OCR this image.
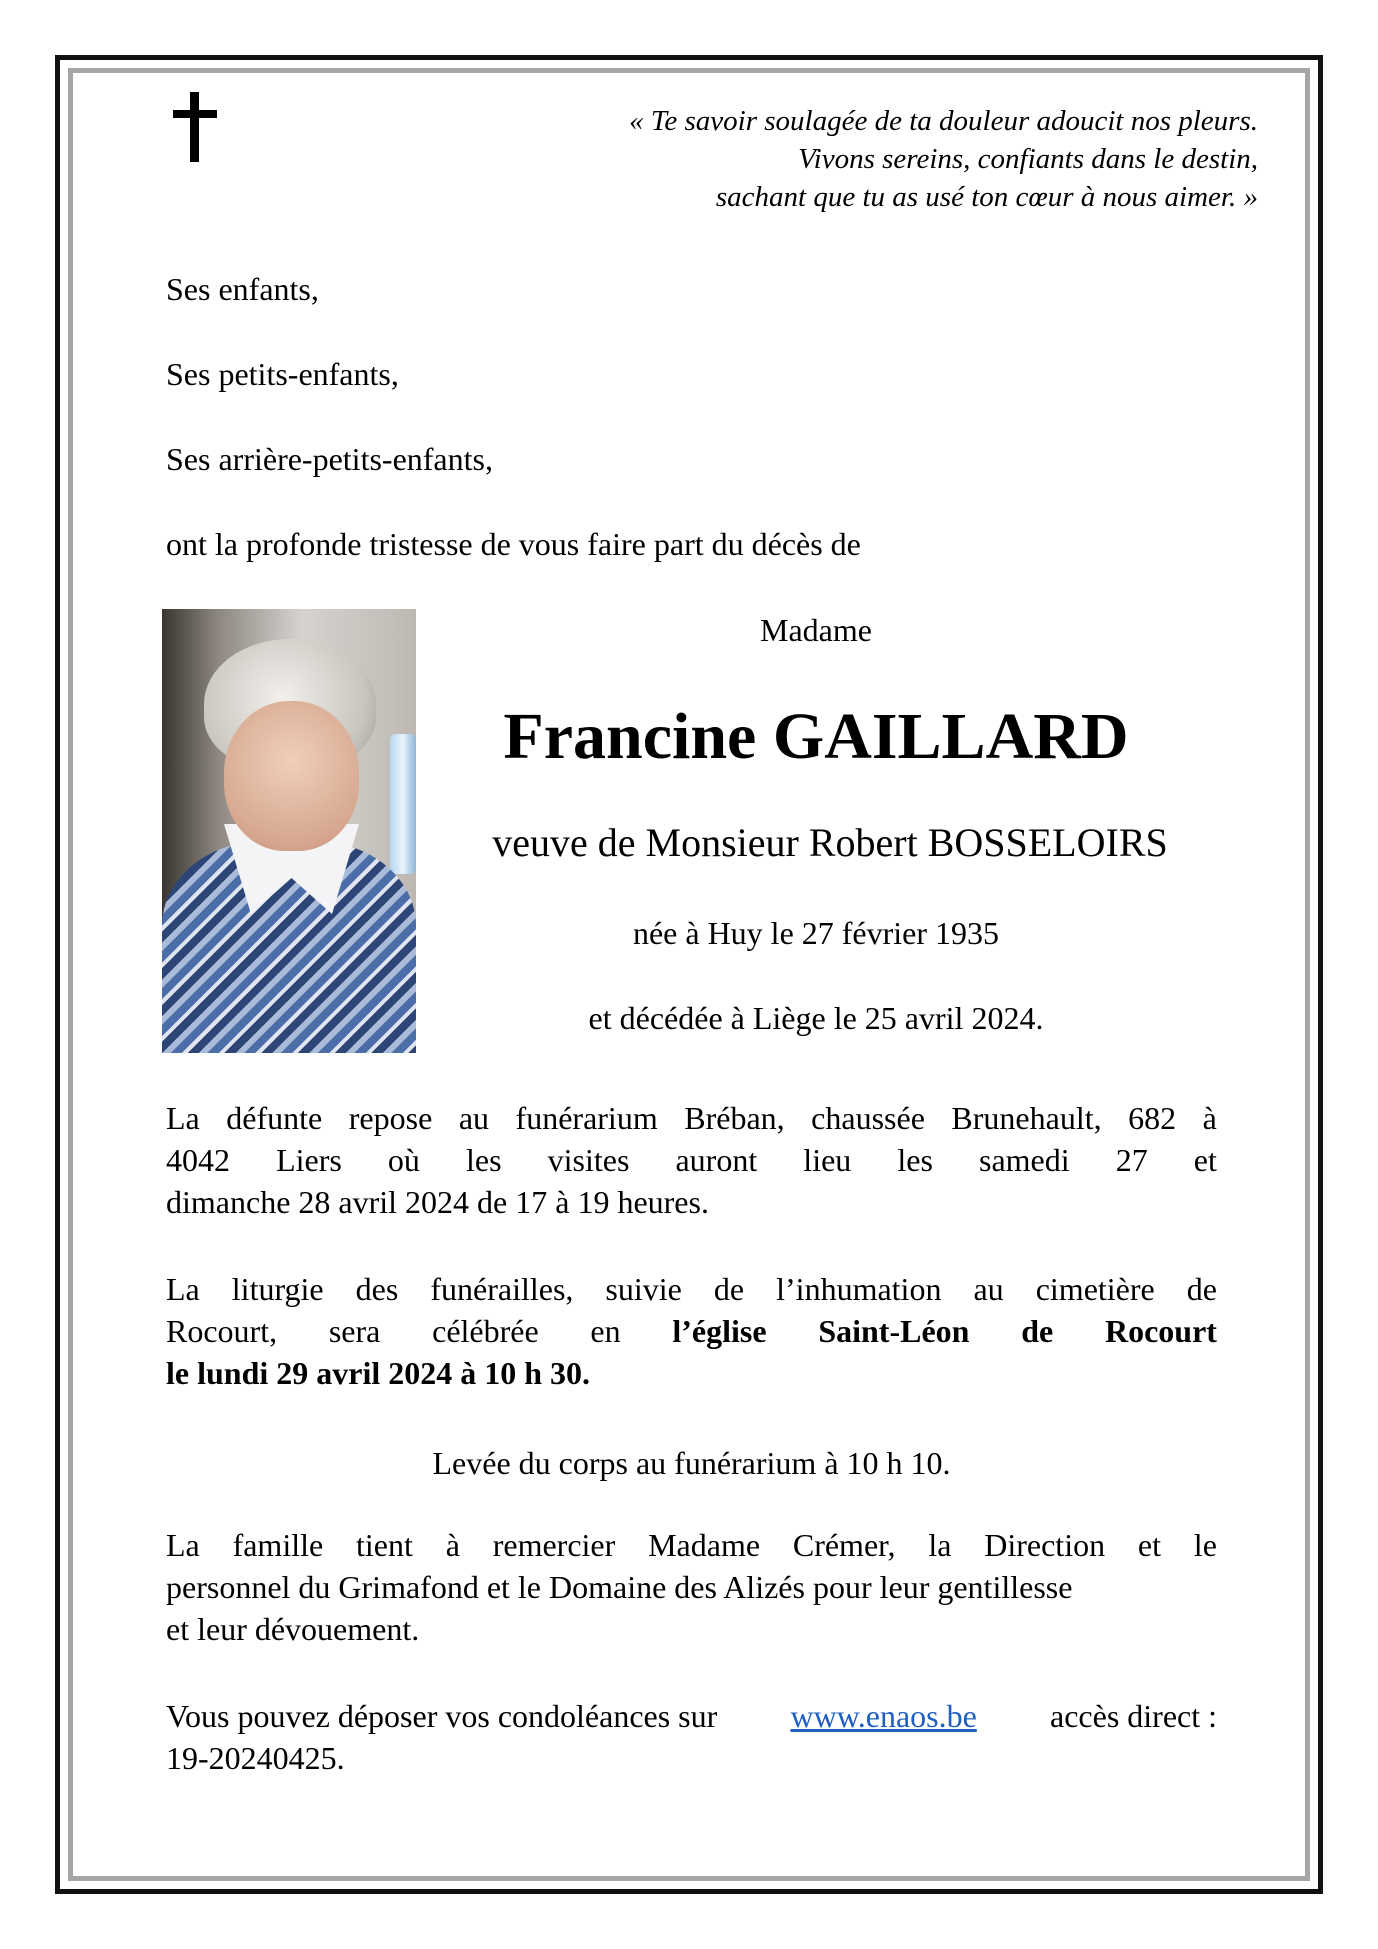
« Te savoir soulagée de ta douleur adoucit nos pleurs.
Vivons sereins, confiants dans le destin,
sachant que tu as usé ton cœur à nous aimer. »
Ses enfants,
Ses petits-enfants,
Ses arrière-petits-enfants,
ont la profonde tristesse de vous faire part du décès de
Madame
Francine GAILLARD
veuve de Monsieur Robert BOSSELOIRS
née à Huy le 27 février 1935
et décédée à Liège le 25 avril 2024.
La défunte repose au funérarium Bréban, chaussée Brunehault, 682 à
4042 Liers où les visites auront lieu les samedi 27 et
dimanche 28 avril 2024 de 17 à 19 heures.
La liturgie des funérailles, suivie de l’inhumation au cimetière de
Rocourt, sera célébrée en l’église Saint-Léon de Rocourt
le lundi 29 avril 2024 à 10 h 30.
Levée du corps au funérarium à 10 h 10.
La famille tient à remercier Madame Crémer, la Direction et le
personnel du Grimafond et le Domaine des Alizés pour leur gentillesse
et leur dévouement.
Vous pouvez déposer vos condoléances sur www.enaos.be accès direct :
19-20240425.
